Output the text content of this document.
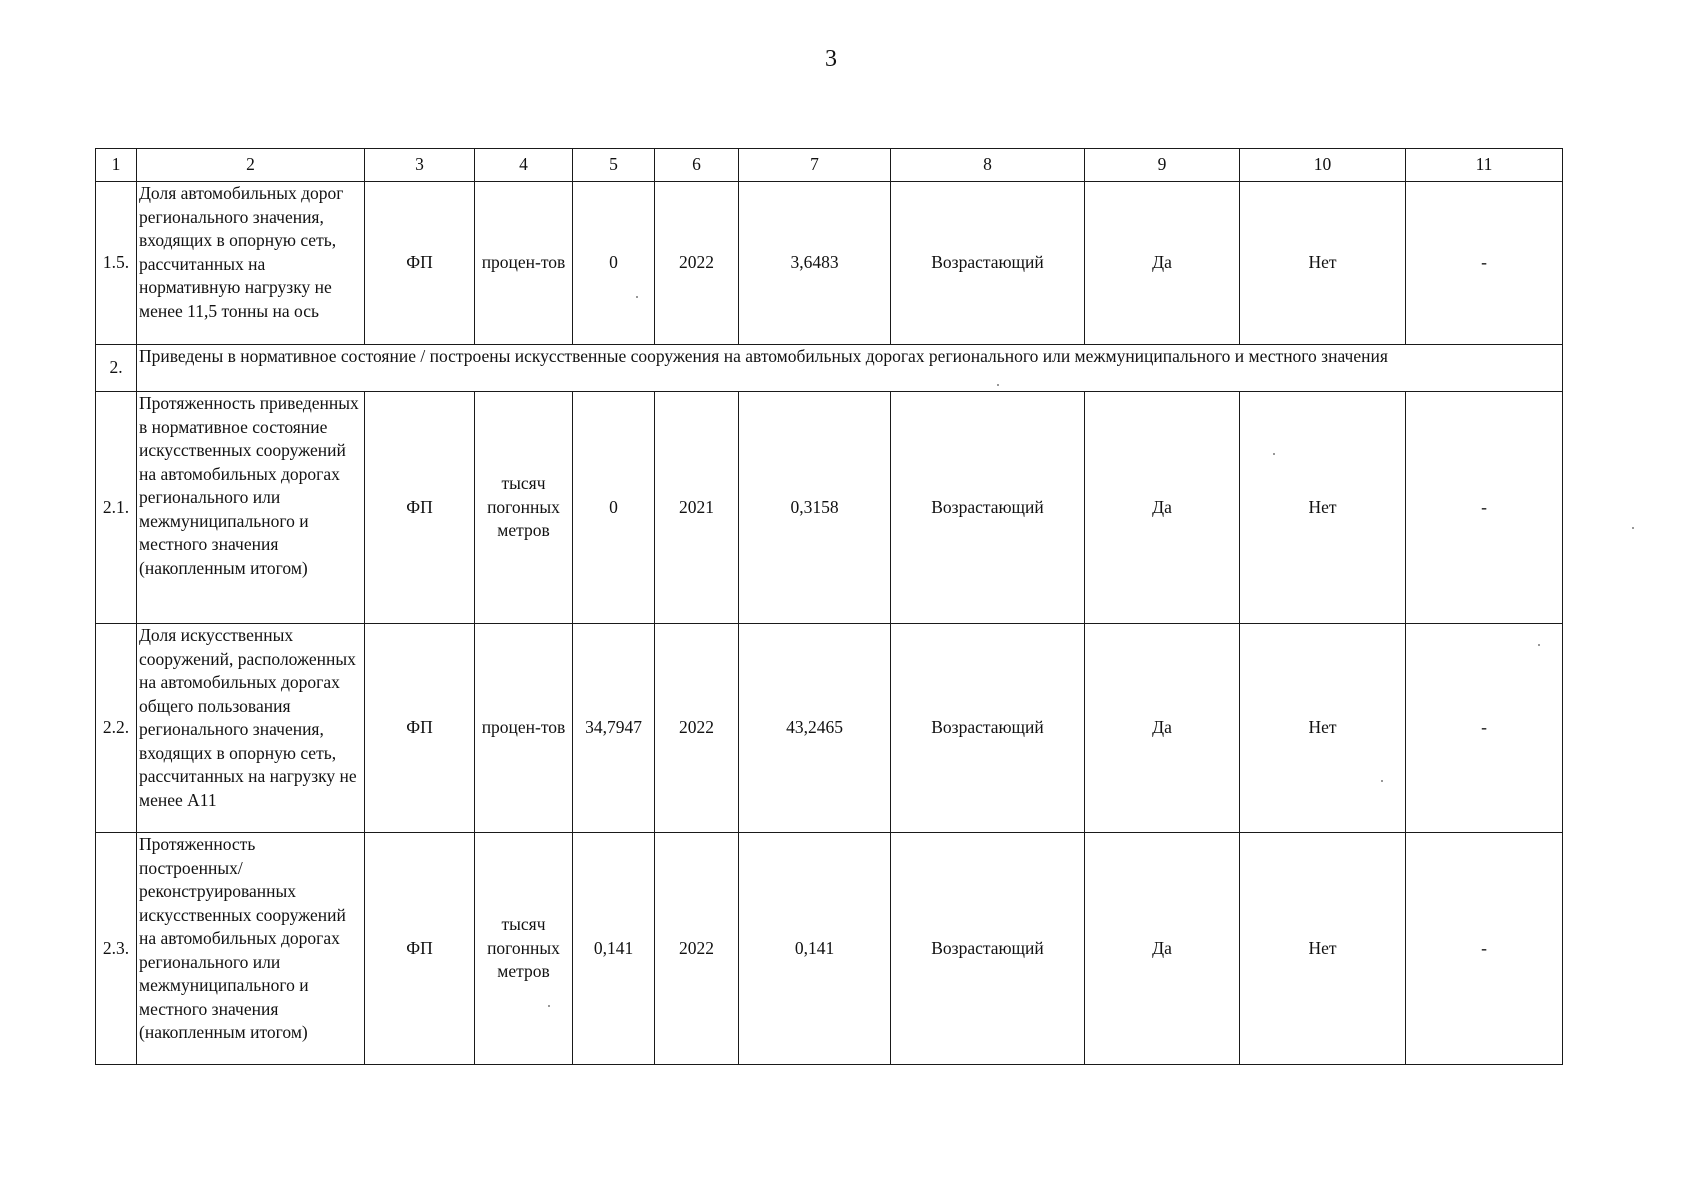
3
1	2	3	4	5	6	7	8	9	10	11
1.5.	Доля автомобильных дорог регионального значения, входящих в опорную сеть, рассчитанных на нормативную нагрузку не менее 11,5 тонны на ось	ФП	процен-тов	0	2022	3,6483	Возрастающий	Да	Нет	-
2.	Приведены в нормативное состояние / построены искусственные сооружения на автомобильных дорогах регионального или межмуниципального и местного значения									
2.1.	Протяженность приведенных в нормативное состояние искусственных сооружений на автомобильных дорогах регионального или межмуниципального и местного значения (накопленным итогом)	ФП	тысяч погонных метров	0	2021	0,3158	Возрастающий	Да	Нет	-
2.2.	Доля искусственных сооружений, расположенных на автомобильных дорогах общего пользования регионального значения, входящих в опорную сеть, рассчитанных на нагрузку не менее А11	ФП	процен-тов	34,7947	2022	43,2465	Возрастающий	Да	Нет	-
2.3.	Протяженность построенных/ реконструированных искусственных сооружений на автомобильных дорогах регионального или межмуниципального и местного значения (накопленным итогом)	ФП	тысяч погонных метров	0,141	2022	0,141	Возрастающий	Да	Нет	-
